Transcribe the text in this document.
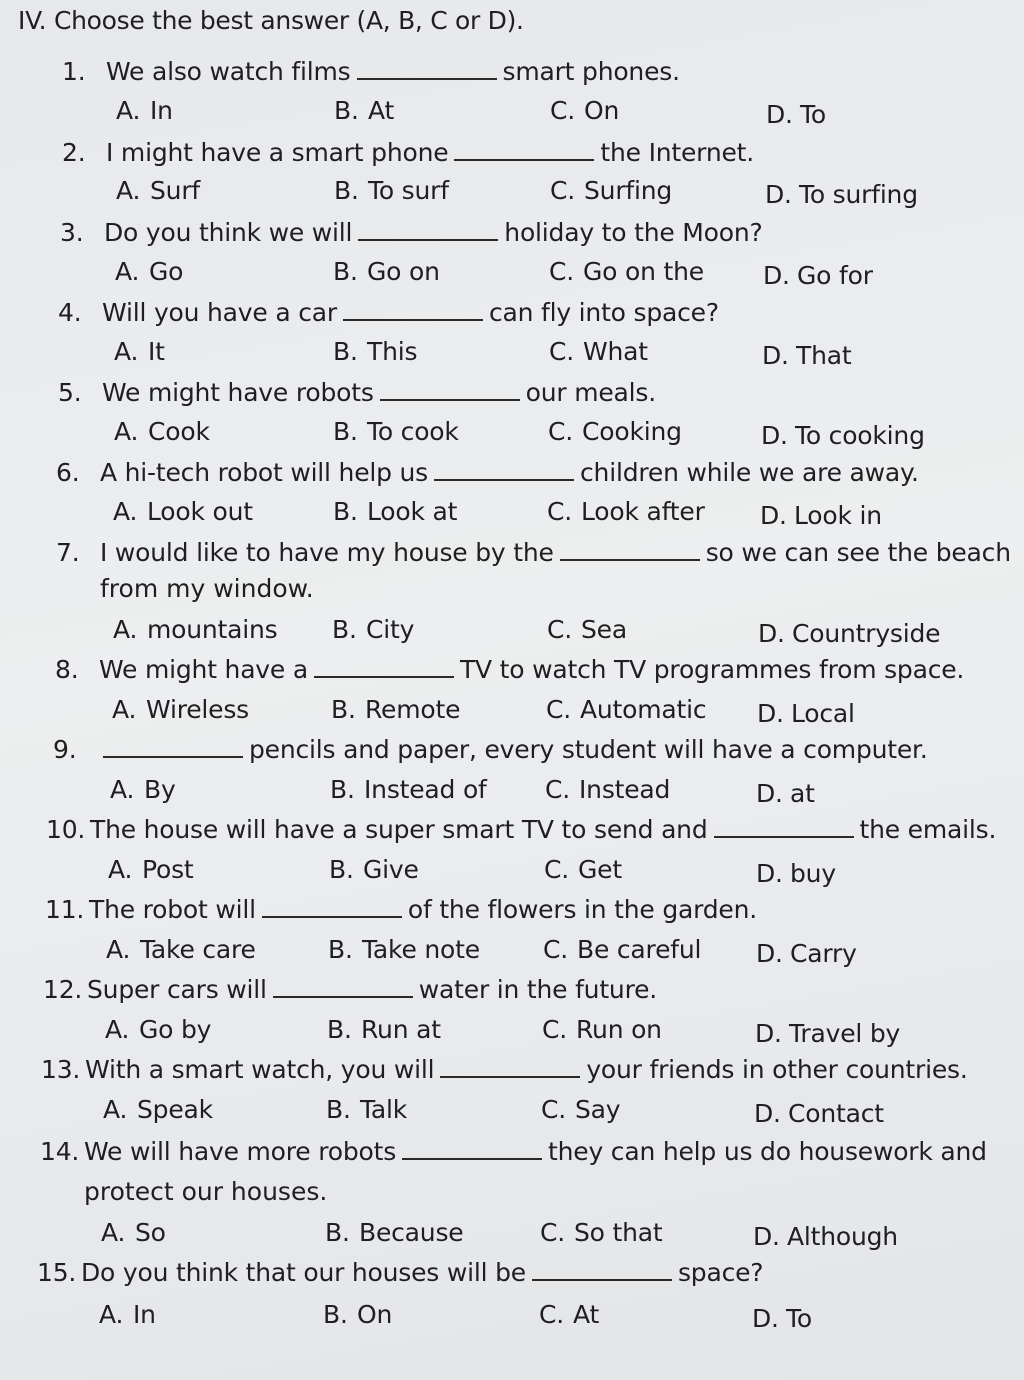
IV. Choose the best answer (A, B, C or D).
1. We also watch films	smart phones.
A. In	B. At	C. On	D. To
2. I might have a smart phone	the Internet.
A. Surf	B. To surf	C. Surfing	D. To surfing
3. Do you think we will	holiday to the Moon?
A. Go	B. Go on	C. Go on the D. Go for
4. Will you have a car	can fly into space?
A. It	B. This	C. What	D. That
5. We might have robots	our meals.
A. Cook	B. To cook	C. Cooking	D. To cooking
6. A hi-tech robot will help us	children while we are away.
A. Look out	B. Look at	C. Look after D. Look in
7. I would like to have my house by the	so we can see the beach
from my window.
A. mountains B. City	C. Sea	D. Countryside
8. We might have a	TV to watch TV programmes from space.
A. Wireless	B. Remote	C. Automatic D. Local
9.	pencils and paper, every student will have a computer.
A. By	B. Instead of C. Instead	D. at
10. The house will have a super smart TV to send and	the emails.
A. Post	B. Give	C. Get	D. buy
11. The robot will	of the flowers in the garden.
A. Take care	B. Take note	C. Be careful D. Carry
12. Super cars will	water in the future.
A. Go by	B. Run at	C. Run on	D. Travel by
13. With a smart watch, you will	your friends in other countries.
A. Speak	B. Talk	C. Say	D. Contact
14. We will have more robots	they can help us do housework and
protect our houses.
A. So	B. Because	C. So that	D. Although
15. Do you think that our houses will be	space?
A. In	B. On	C. At	D. To
